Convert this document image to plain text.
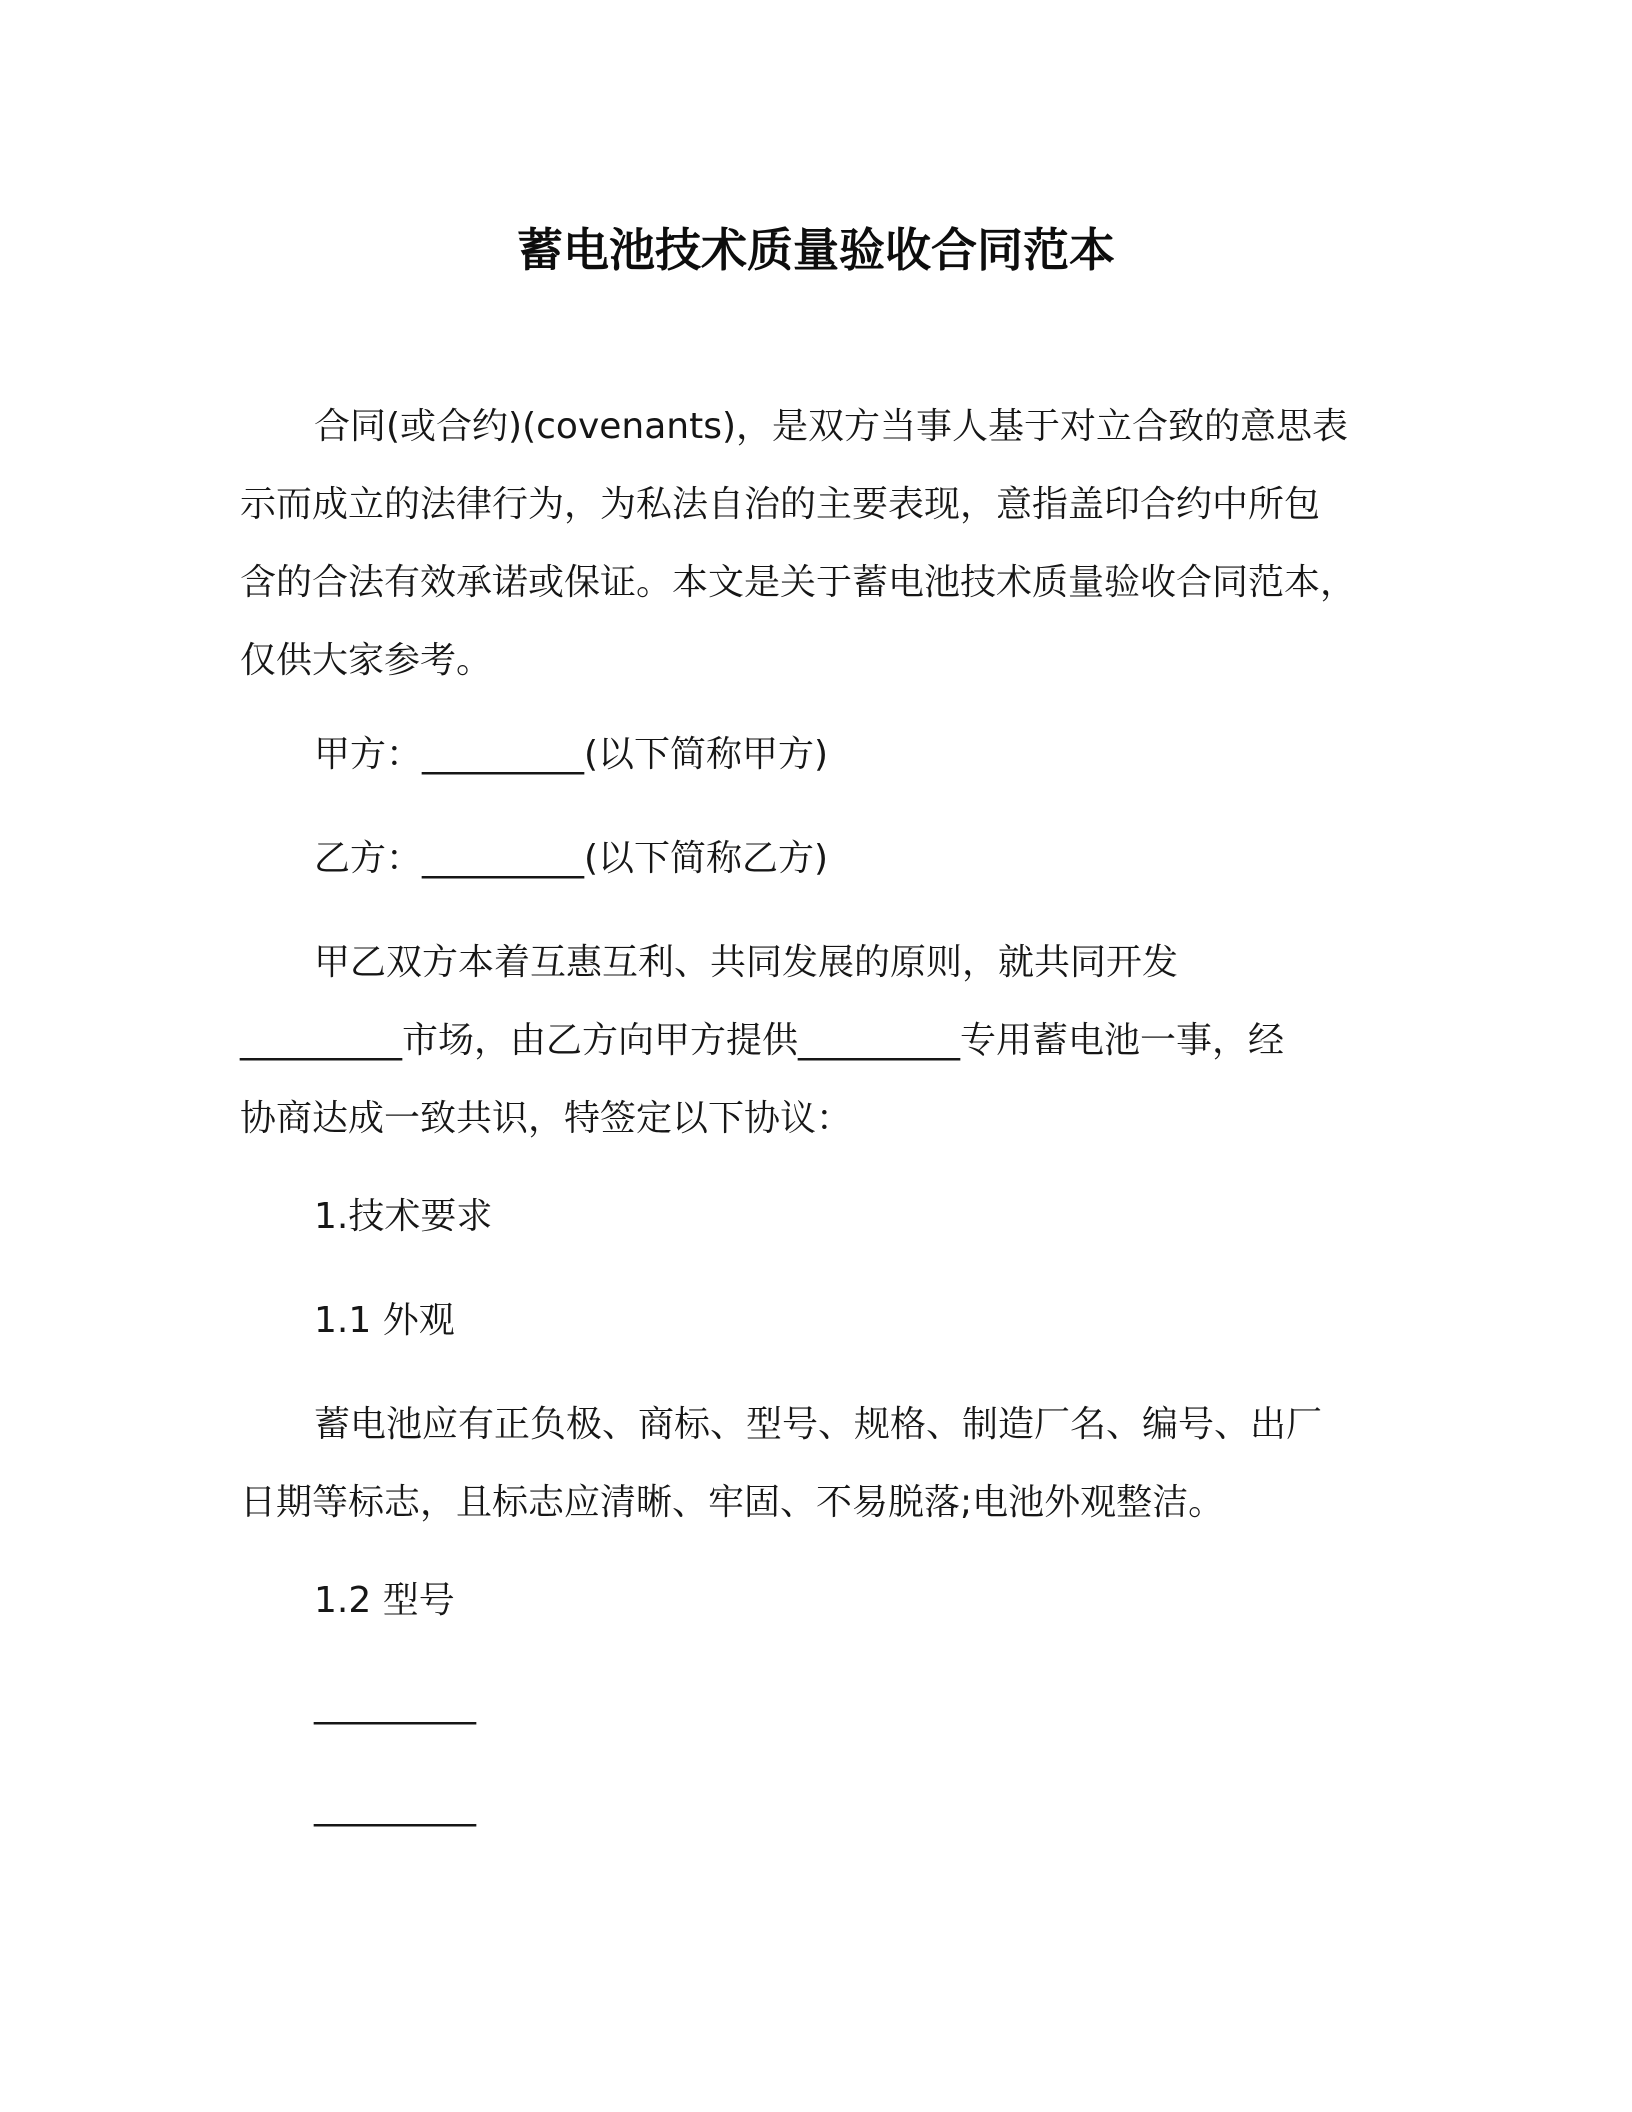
蓄电池技术质量验收合同范本
合同(或合约)(covenants)，是双方当事人基于对立合致的意思表
示而成立的法律行为，为私法自治的主要表现，意指盖印合约中所包
含的合法有效承诺或保证。本文是关于蓄电池技术质量验收合同范本，
仅供大家参考。
甲方：_________(以下简称甲方)
乙方：_________(以下简称乙方)
甲乙双方本着互惠互利、共同发展的原则，就共同开发
_________市场，由乙方向甲方提供_________专用蓄电池一事，经
协商达成一致共识，特签定以下协议：
1.技术要求
1.1 外观
蓄电池应有正负极、商标、型号、规格、制造厂名、编号、出厂
日期等标志，且标志应清晰、牢固、不易脱落;电池外观整洁。
1.2 型号
_________
_________
